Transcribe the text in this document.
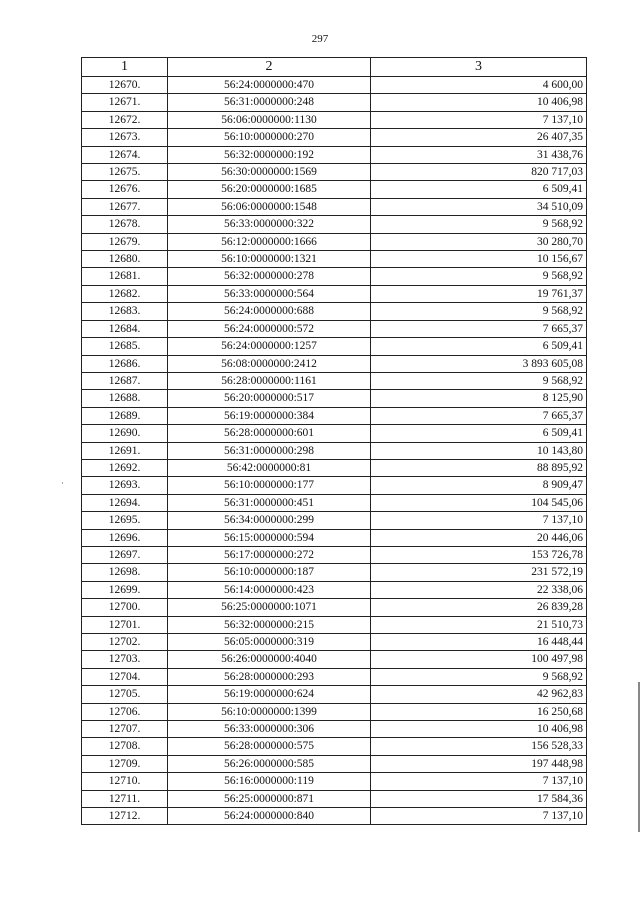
297
1	2	3
12670.	56:24:0000000:470	4 600,00
12671.	56:31:0000000:248	10 406,98
12672.	56:06:0000000:1130	7 137,10
12673.	56:10:0000000:270	26 407,35
12674.	56:32:0000000:192	31 438,76
12675.	56:30:0000000:1569	820 717,03
12676.	56:20:0000000:1685	6 509,41
12677.	56:06:0000000:1548	34 510,09
12678.	56:33:0000000:322	9 568,92
12679.	56:12:0000000:1666	30 280,70
12680.	56:10:0000000:1321	10 156,67
12681.	56:32:0000000:278	9 568,92
12682.	56:33:0000000:564	19 761,37
12683.	56:24:0000000:688	9 568,92
12684.	56:24:0000000:572	7 665,37
12685.	56:24:0000000:1257	6 509,41
12686.	56:08:0000000:2412	3 893 605,08
12687.	56:28:0000000:1161	9 568,92
12688.	56:20:0000000:517	8 125,90
12689.	56:19:0000000:384	7 665,37
12690.	56:28:0000000:601	6 509,41
12691.	56:31:0000000:298	10 143,80
12692.	56:42:0000000:81	88 895,92
12693.	56:10:0000000:177	8 909,47
12694.	56:31:0000000:451	104 545,06
12695.	56:34:0000000:299	7 137,10
12696.	56:15:0000000:594	20 446,06
12697.	56:17:0000000:272	153 726,78
12698.	56:10:0000000:187	231 572,19
12699.	56:14:0000000:423	22 338,06
12700.	56:25:0000000:1071	26 839,28
12701.	56:32:0000000:215	21 510,73
12702.	56:05:0000000:319	16 448,44
12703.	56:26:0000000:4040	100 497,98
12704.	56:28:0000000:293	9 568,92
12705.	56:19:0000000:624	42 962,83
12706.	56:10:0000000:1399	16 250,68
12707.	56:33:0000000:306	10 406,98
12708.	56:28:0000000:575	156 528,33
12709.	56:26:0000000:585	197 448,98
12710.	56:16:0000000:119	7 137,10
12711.	56:25:0000000:871	17 584,36
12712.	56:24:0000000:840	7 137,10
